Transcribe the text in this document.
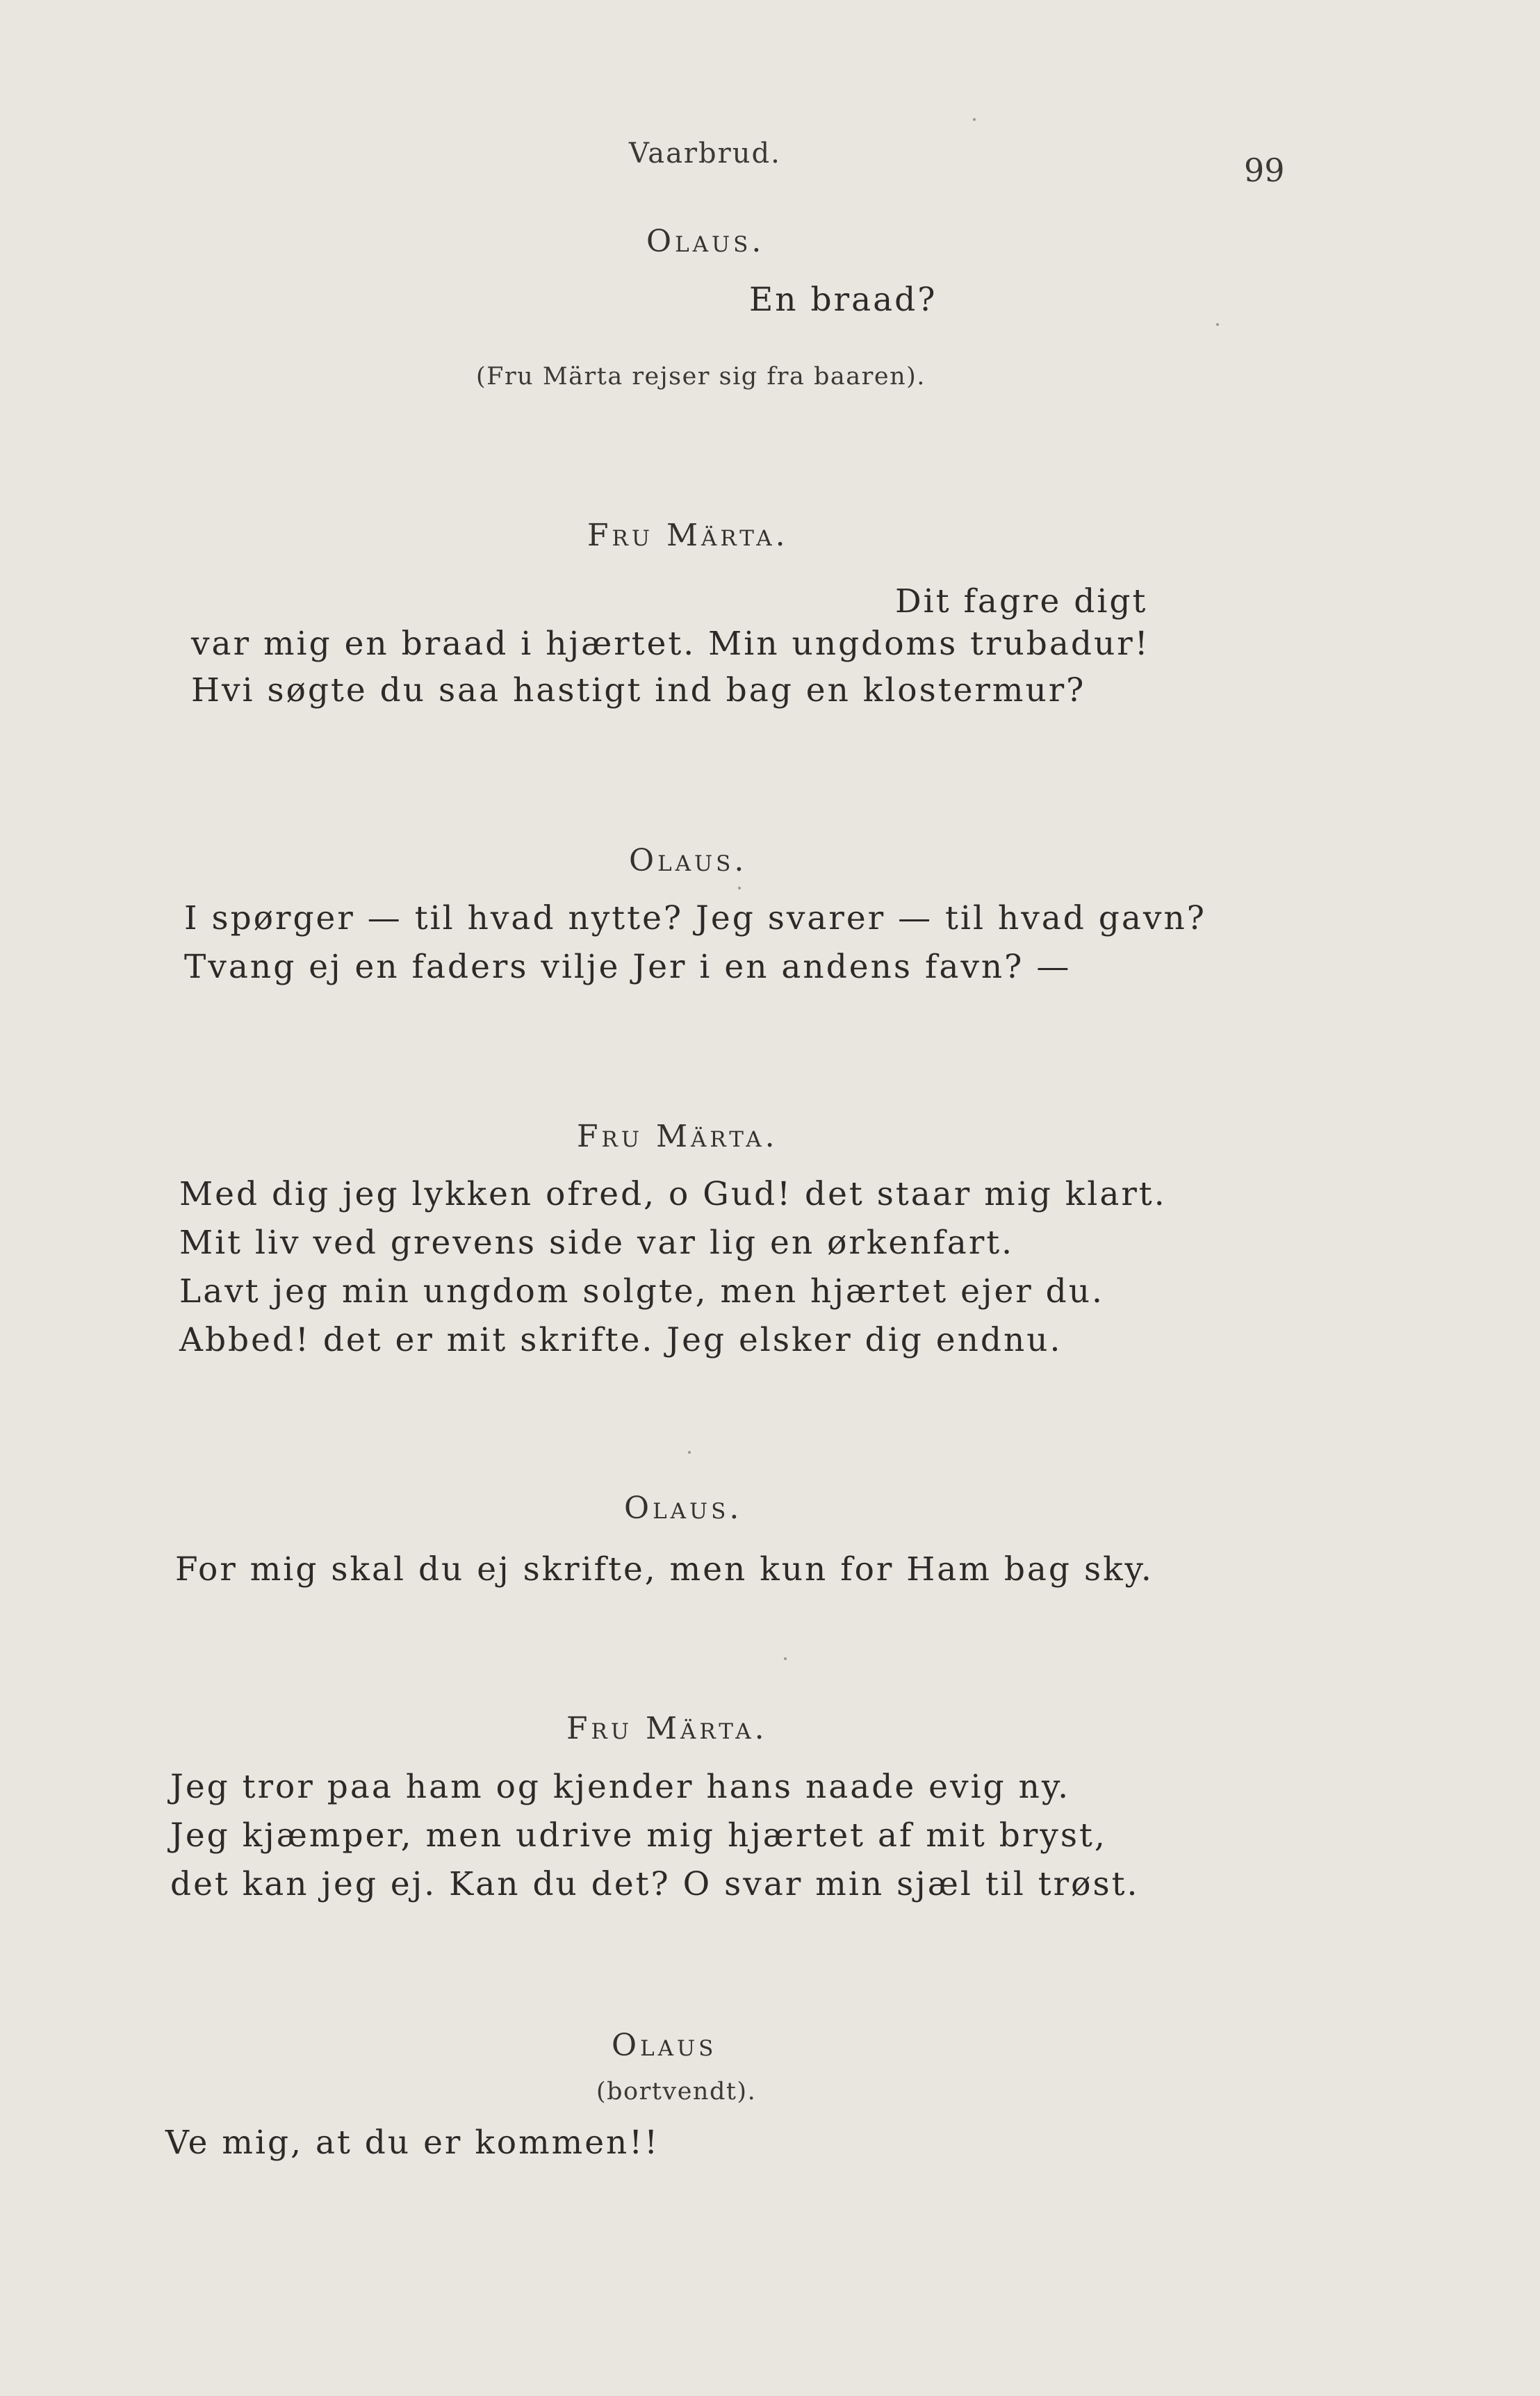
Vaarbrud.	99
Olaus.
En braad?
(Fru Märta rejser sig fra baaren).
Fru Märta.
Dit fagre digt
var mig en braad i hjærtet. Min ungdoms trubadur!
Hvi søgte du saa hastigt ind bag en klostermur?
Olaus.
I spørger — til hvad nytte? Jeg svarer — til hvad gavn?
Tvang ej en faders vilje Jer i en andens favn? —
Fru Märta.
Med dig jeg lykken ofred, o Gud! det staar mig klart.
Mit liv ved grevens side var lig en ørkenfart.
Lavt jeg min ungdom solgte, men hjærtet ejer du.
Abbed! det er mit skrifte. Jeg elsker dig endnu.
Olaus.
For mig skal du ej skrifte, men kun for Ham bag sky.
Fru Märta.
Jeg tror paa ham og kjender hans naade evig ny.
Jeg kjæmper, men udrive mig hjærtet af mit bryst,
det kan jeg ej. Kan du det? O svar min sjæl til trøst.
Olaus
(bortvendt).
Ve mig, at du er kommen!!
